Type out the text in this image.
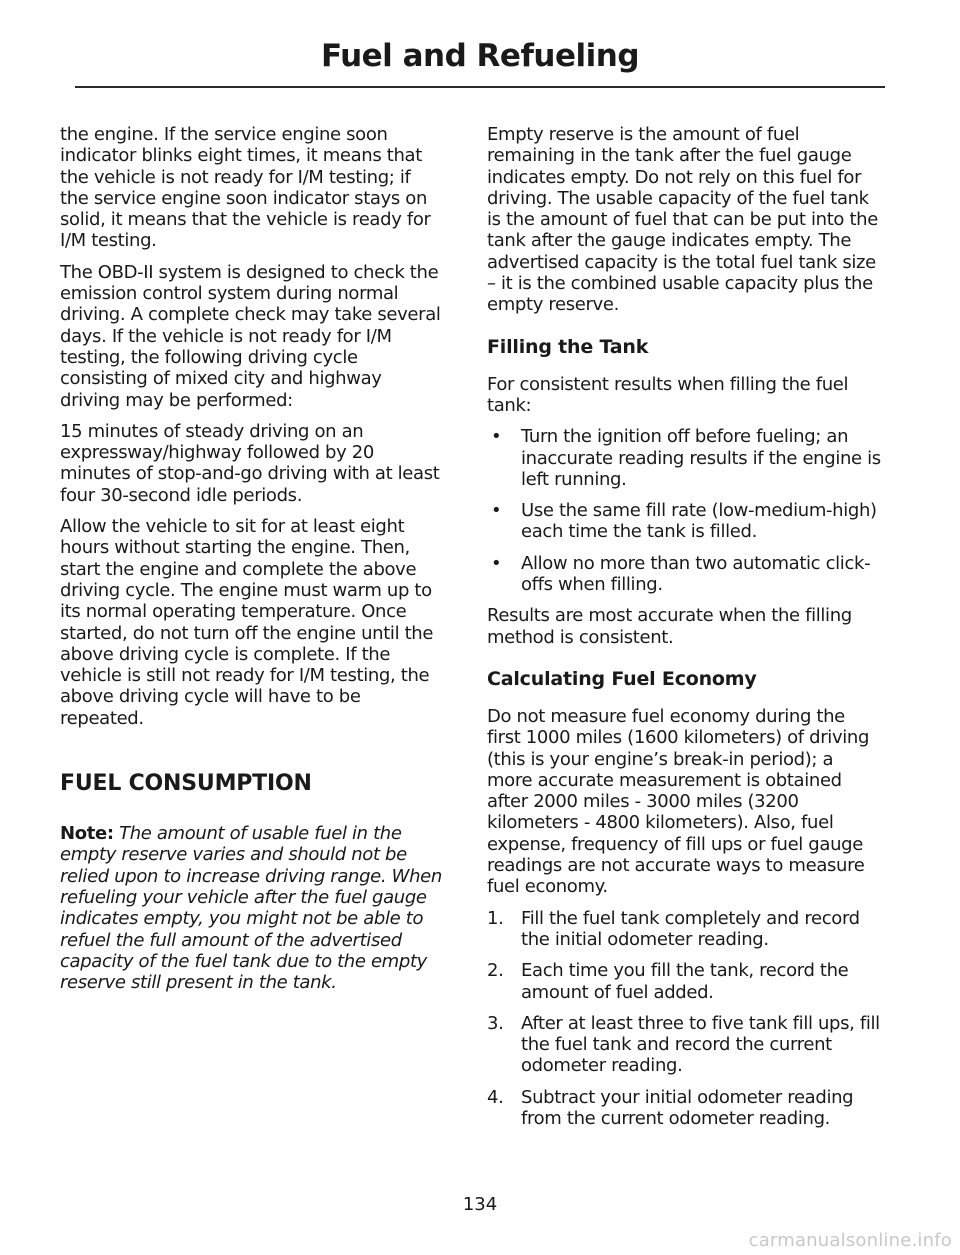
Fuel and Refueling

the engine. If the service engine soon indicator blinks eight times, it means that the vehicle is not ready for I/M testing; if the service engine soon indicator stays on solid, it means that the vehicle is ready for I/M testing.

The OBD-II system is designed to check the emission control system during normal driving. A complete check may take several days. If the vehicle is not ready for I/M testing, the following driving cycle consisting of mixed city and highway driving may be performed:

15 minutes of steady driving on an expressway/highway followed by 20 minutes of stop-and-go driving with at least four 30-second idle periods.

Allow the vehicle to sit for at least eight hours without starting the engine. Then, start the engine and complete the above driving cycle. The engine must warm up to its normal operating temperature. Once started, do not turn off the engine until the above driving cycle is complete. If the vehicle is still not ready for I/M testing, the above driving cycle will have to be repeated.

FUEL CONSUMPTION

Note: The amount of usable fuel in the empty reserve varies and should not be relied upon to increase driving range. When refueling your vehicle after the fuel gauge indicates empty, you might not be able to refuel the full amount of the advertised capacity of the fuel tank due to the empty reserve still present in the tank.

Empty reserve is the amount of fuel remaining in the tank after the fuel gauge indicates empty. Do not rely on this fuel for driving. The usable capacity of the fuel tank is the amount of fuel that can be put into the tank after the gauge indicates empty. The advertised capacity is the total fuel tank size – it is the combined usable capacity plus the empty reserve.

Filling the Tank

For consistent results when filling the fuel tank:

•	Turn the ignition off before fueling; an inaccurate reading results if the engine is left running.
•	Use the same fill rate (low-medium-high) each time the tank is filled.
•	Allow no more than two automatic click-offs when filling.

Results are most accurate when the filling method is consistent.

Calculating Fuel Economy

Do not measure fuel economy during the first 1000 miles (1600 kilometers) of driving (this is your engine’s break-in period); a more accurate measurement is obtained after 2000 miles - 3000 miles (3200 kilometers - 4800 kilometers). Also, fuel expense, frequency of fill ups or fuel gauge readings are not accurate ways to measure fuel economy.

1. Fill the fuel tank completely and record the initial odometer reading.
2. Each time you fill the tank, record the amount of fuel added.
3. After at least three to five tank fill ups, fill the fuel tank and record the current odometer reading.
4. Subtract your initial odometer reading from the current odometer reading.
134
carmanualsonline.info
